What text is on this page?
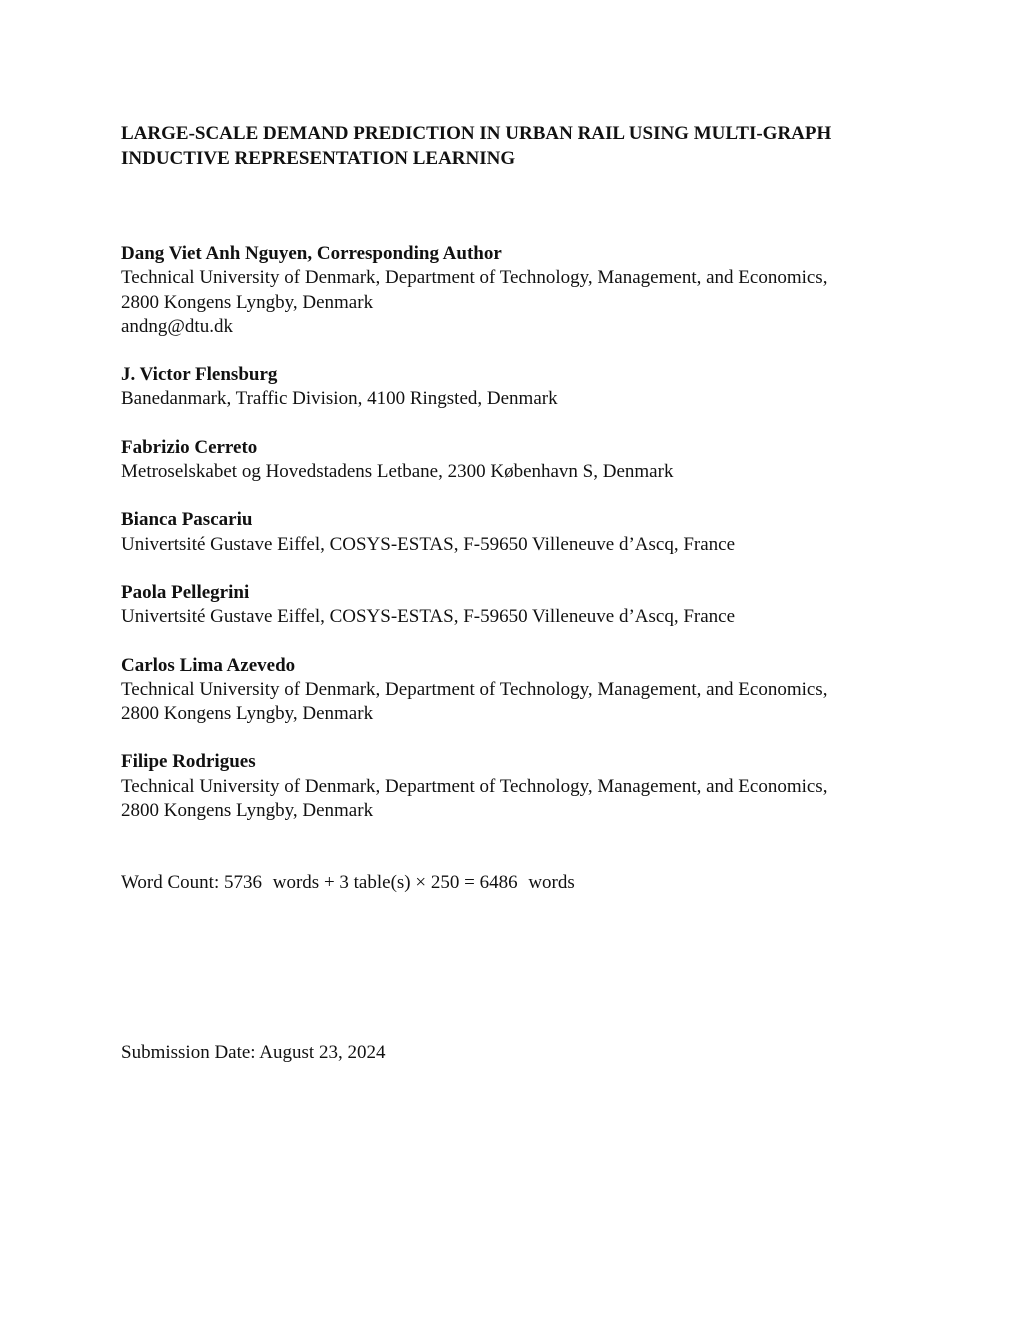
LARGE-SCALE DEMAND PREDICTION IN URBAN RAIL USING MULTI-GRAPH
INDUCTIVE REPRESENTATION LEARNING
Dang Viet Anh Nguyen, Corresponding Author
Technical University of Denmark, Department of Technology, Management, and Economics,
2800 Kongens Lyngby, Denmark
andng@dtu.dk
J. Victor Flensburg
Banedanmark, Traffic Division, 4100 Ringsted, Denmark
Fabrizio Cerreto
Metroselskabet og Hovedstadens Letbane, 2300 København S, Denmark
Bianca Pascariu
Univertsité Gustave Eiffel, COSYS-ESTAS, F-59650 Villeneuve d’Ascq, France
Paola Pellegrini
Univertsité Gustave Eiffel, COSYS-ESTAS, F-59650 Villeneuve d’Ascq, France
Carlos Lima Azevedo
Technical University of Denmark, Department of Technology, Management, and Economics,
2800 Kongens Lyngby, Denmark
Filipe Rodrigues
Technical University of Denmark, Department of Technology, Management, and Economics,
2800 Kongens Lyngby, Denmark
Word Count: 5736 words + 3 table(s) × 250 = 6486 words
Submission Date: August 23, 2024
